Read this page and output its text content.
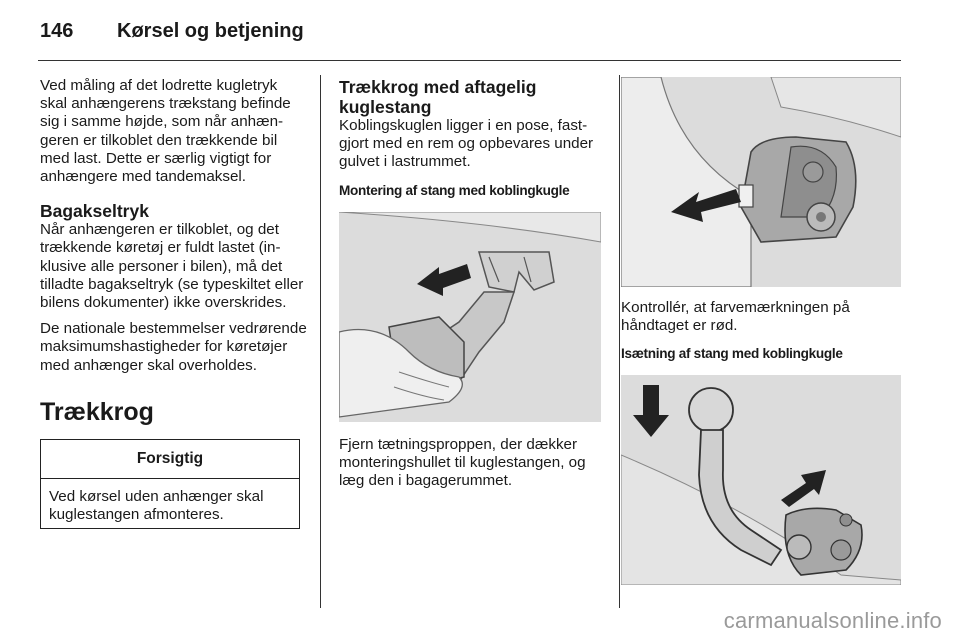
146 Kørsel og betjening

Ved måling af det lodrette kugletryk skal anhængerens trækstang befinde sig i samme højde, som når anhængeren er tilkoblet den trækkende bil med last. Dette er særlig vigtigt for anhængere med tandemaksel.

Bagakseltryk

Når anhængeren er tilkoblet, og det trækkende køretøj er fuldt lastet (inklusive alle personer i bilen), må det tilladte bagakseltryk (se typeskiltet eller bilens dokumenter) ikke overskrides.

De nationale bestemmelser vedrørende maksimumshastigheder for køretøjer med anhænger skal overholdes.

Trækkrog
Forsigtig
Ved kørsel uden anhænger skal kuglestangen afmonteres.
Trækkrog med aftagelig kuglestang

Koblingskuglen ligger i en pose, fastgjort med en rem og opbevares under gulvet i lastrummet.

Montering af stang med koblingkugle

Fjern tætningsproppen, der dækker monteringshullet til kuglestangen, og læg den i bagagerummet.

Kontrollér, at farvemærkningen på håndtaget er rød.

Isætning af stang med koblingkugle
carmanualsonline.info
